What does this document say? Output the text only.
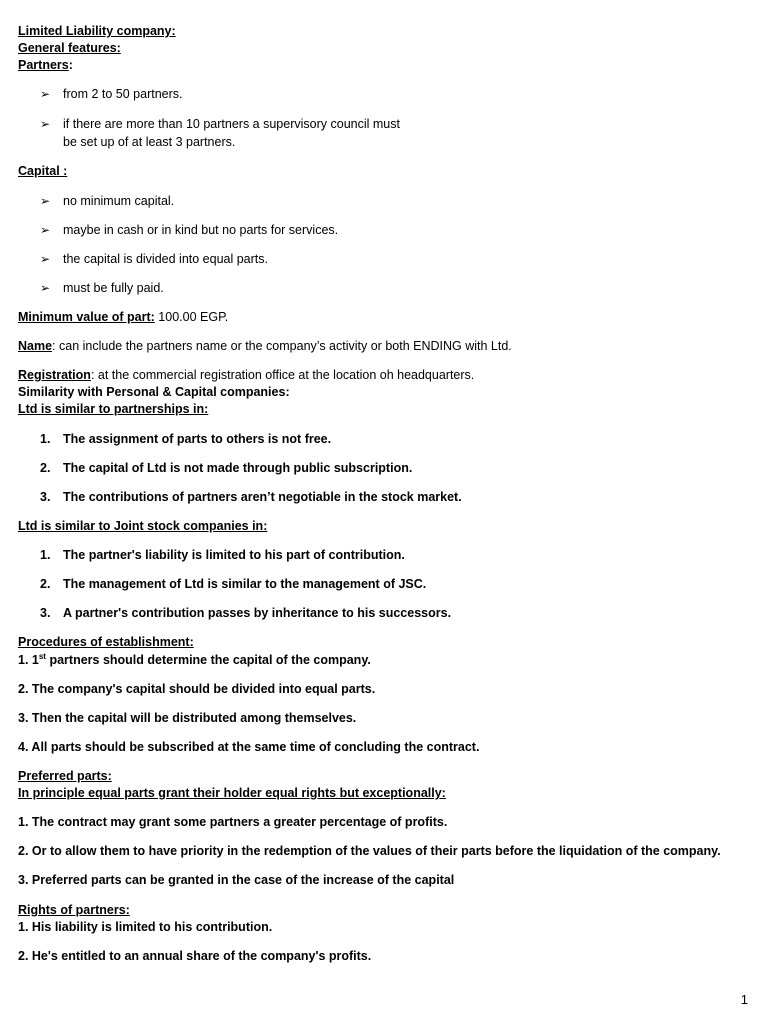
Limited Liability company:
General features:
Partners:
➢ from 2 to 50 partners.
➢ if there are more than 10 partners a supervisory council must
be set up of at least 3 partners.
Capital :
➢ no minimum capital.
➢ maybe in cash or in kind but no parts for services.
➢ the capital is divided into equal parts.
➢ must be fully paid.
Minimum value of part: 100.00 EGP.
Name: can include the partners name or the company’s activity or both ENDING with Ltd.
Registration: at the commercial registration office at the location oh headquarters.
Similarity with Personal & Capital companies:
Ltd is similar to partnerships in:
1. The assignment of parts to others is not free.
2. The capital of Ltd is not made through public subscription.
3. The contributions of partners aren’t negotiable in the stock market.
Ltd is similar to Joint stock companies in:
1. The partner's liability is limited to his part of contribution.
2. The management of Ltd is similar to the management of JSC.
3. A partner's contribution passes by inheritance to his successors.
Procedures of establishment:
1. 1st partners should determine the capital of the company.
2. The company's capital should be divided into equal parts.
3. Then the capital will be distributed among themselves.
4. All parts should be subscribed at the same time of concluding the contract.
Preferred parts:
In principle equal parts grant their holder equal rights but exceptionally:
1. The contract may grant some partners a greater percentage of profits.
2. Or to allow them to have priority in the redemption of the values of their parts before the liquidation of the company.
3. Preferred parts can be granted in the case of the increase of the capital
Rights of partners:
1. His liability is limited to his contribution.
2. He's entitled to an annual share of the company's profits.
1
